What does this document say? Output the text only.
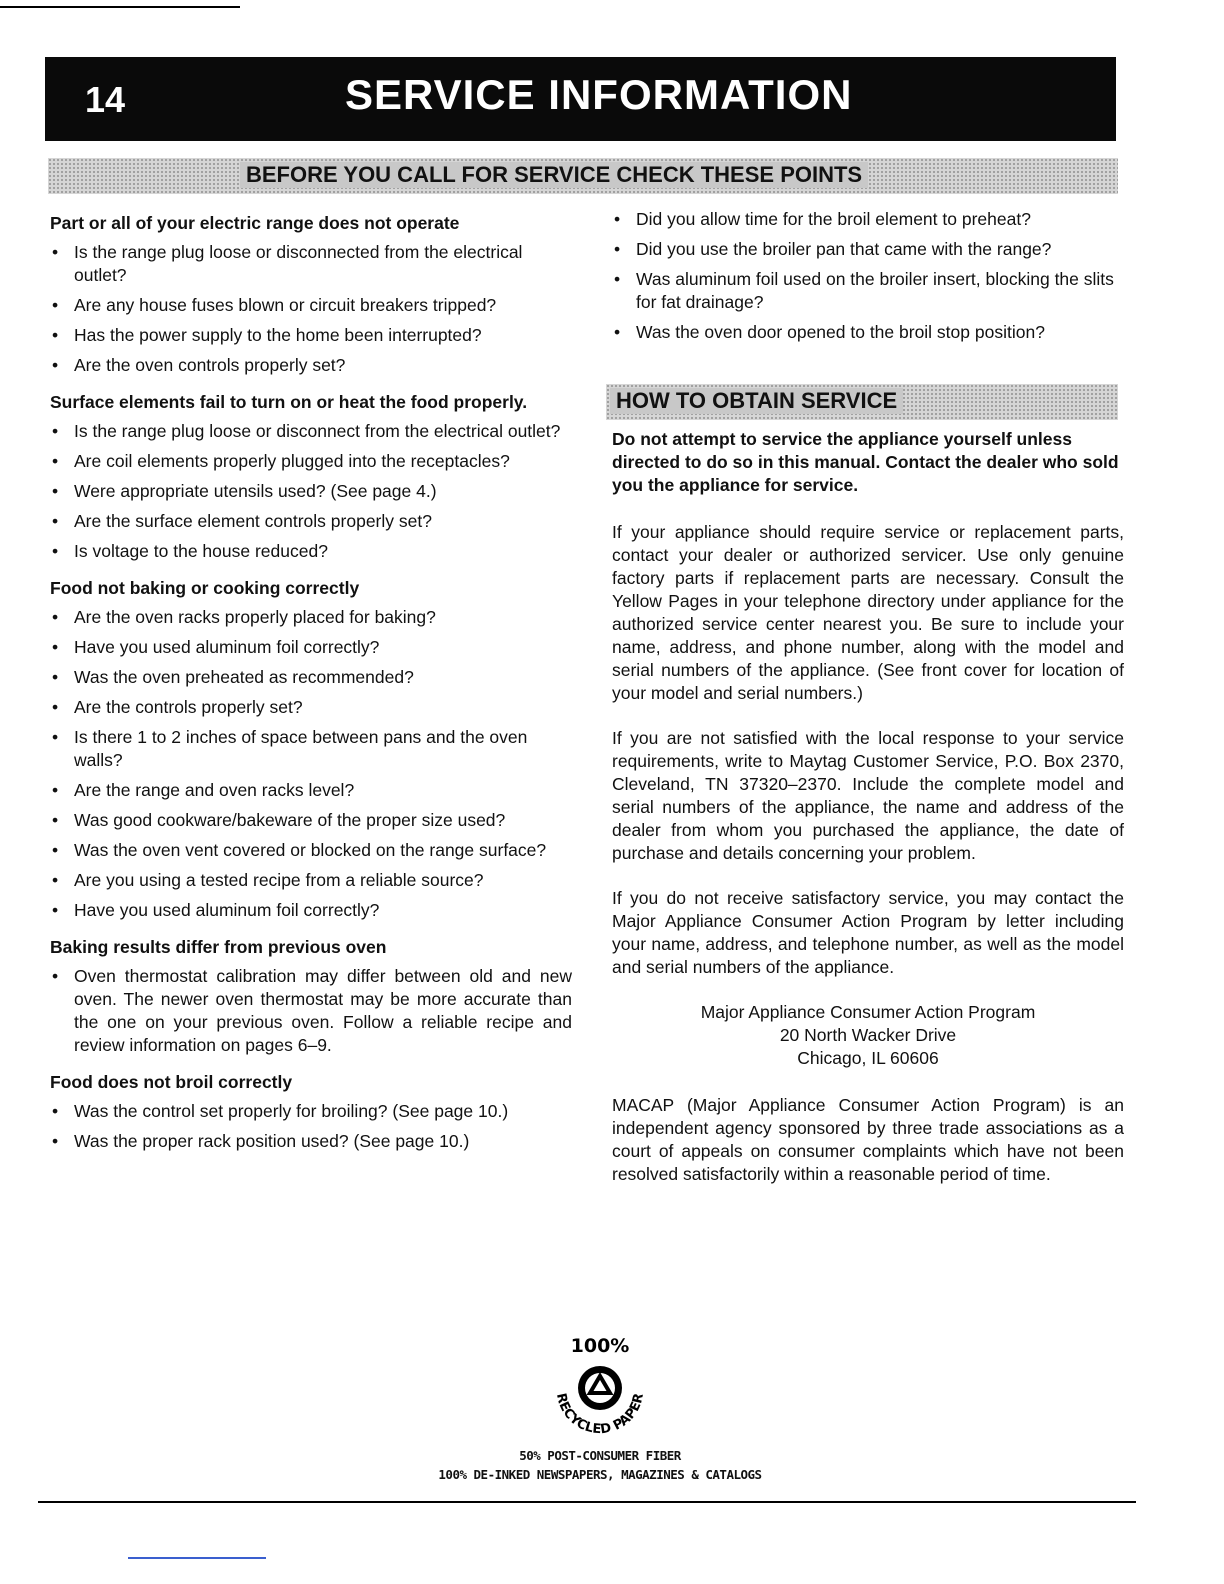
14	SERVICE INFORMATION
BEFORE YOU CALL FOR SERVICE CHECK THESE POINTS
HOW TO OBTAIN SERVICE
Part or all of your electric range does not operate
• Is the range plug loose or disconnected from the electrical outlet?
• Are any house fuses blown or circuit breakers tripped?
• Has the power supply to the home been interrupted?
• Are the oven controls properly set?
Surface elements fail to turn on or heat the food properly.
• Is the range plug loose or disconnect from the electrical outlet?
• Are coil elements properly plugged into the receptacles?
• Were appropriate utensils used? (See page 4.)
• Are the surface element controls properly set?
• Is voltage to the house reduced?
Food not baking or cooking correctly
• Are the oven racks properly placed for baking?
• Have you used aluminum foil correctly?
• Was the oven preheated as recommended?
• Are the controls properly set?
• Is there 1 to 2 inches of space between pans and the oven walls?
• Are the range and oven racks level?
• Was good cookware/bakeware of the proper size used?
• Was the oven vent covered or blocked on the range surface?
• Are you using a tested recipe from a reliable source?
• Have you used aluminum foil correctly?
Baking results differ from previous oven
• Oven thermostat calibration may differ between old and new oven. The newer oven thermostat may be more accurate than the one on your previous oven. Follow a reliable recipe and review information on pages 6–9.
Food does not broil correctly
• Was the control set properly for broiling? (See page 10.)
• Was the proper rack position used? (See page 10.)
• Did you allow time for the broil element to preheat?
• Did you use the broiler pan that came with the range?
• Was aluminum foil used on the broiler insert, blocking the slits for fat drainage?
• Was the oven door opened to the broil stop position?
Do not attempt to service the appliance yourself unless directed to do so in this manual. Contact the dealer who sold you the appliance for service.
If your appliance should require service or replacement parts, contact your dealer or authorized servicer. Use only genuine factory parts if replacement parts are necessary. Consult the Yellow Pages in your telephone directory under appliance for the authorized service center nearest you. Be sure to include your name, address, and phone number, along with the model and serial numbers of the appliance. (See front cover for location of your model and serial numbers.)
If you are not satisfied with the local response to your service requirements, write to Maytag Customer Service, P.O. Box 2370, Cleveland, TN 37320–2370. Include the complete model and serial numbers of the appliance, the name and address of the dealer from whom you purchased the appliance, the date of purchase and details concerning your problem.
If you do not receive satisfactory service, you may contact the Major Appliance Consumer Action Program by letter including your name, address, and telephone number, as well as the model and serial numbers of the appliance.
Major Appliance Consumer Action Program
20 North Wacker Drive
Chicago, IL 60606
MACAP (Major Appliance Consumer Action Program) is an independent agency sponsored by three trade associations as a court of appeals on consumer complaints which have not been resolved satisfactorily within a reasonable period of time.
100%
RECYCLED PAPER
50% POST-CONSUMER FIBER
100% DE-INKED NEWSPAPERS, MAGAZINES & CATALOGS
